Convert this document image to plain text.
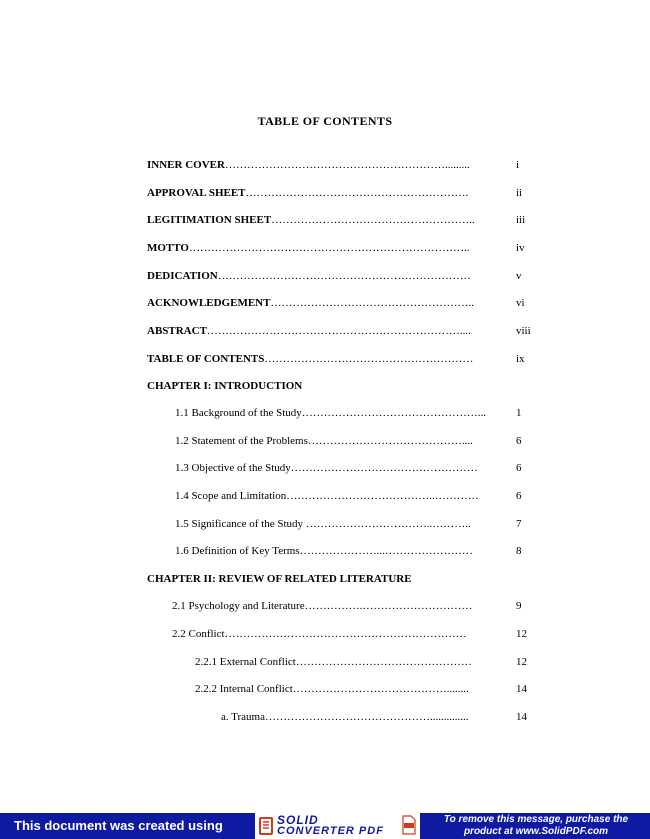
TABLE OF CONTENTS
INNER COVER…………………………………………………….........	i
APPROVAL SHEET…………………………………………………….	ii
LEGITIMATION SHEET………………………………………………..	iii
MOTTO…………………………………………………………………..	iv
DEDICATION……………………………………………………………	v
ACKNOWLEDGEMENT………………………………………………..	vi
ABSTRACT……………………………………………………………....	viii
TABLE OF CONTENTS…………………………………………………	ix
CHAPTER I: INTRODUCTION
1.1 Background of the Study…………………………………………...	1
1.2 Statement of the Problems……………………………………....	6
1.3 Objective of the Study……………………………………………	6
1.4 Scope and Limitation…………………………………..…………	6
1.5 Significance of the Study ……………………………..………..	7
1.6 Definition of Key Terms…………………...……………………	8
CHAPTER II: REVIEW OF RELATED LITERATURE
2.1 Psychology and Literature…………….…………………………	9
2.2 Conflict…………………………………………………………	12
2.2.1 External Conflict…………………………………………	12
2.2.2 Internal Conflict……………………………………........	14
a. Trauma………………………………………..............	14
This document was created using	SOLID
CONVERTER PDF
To remove this message, purchase the
product at www.SolidPDF.com
